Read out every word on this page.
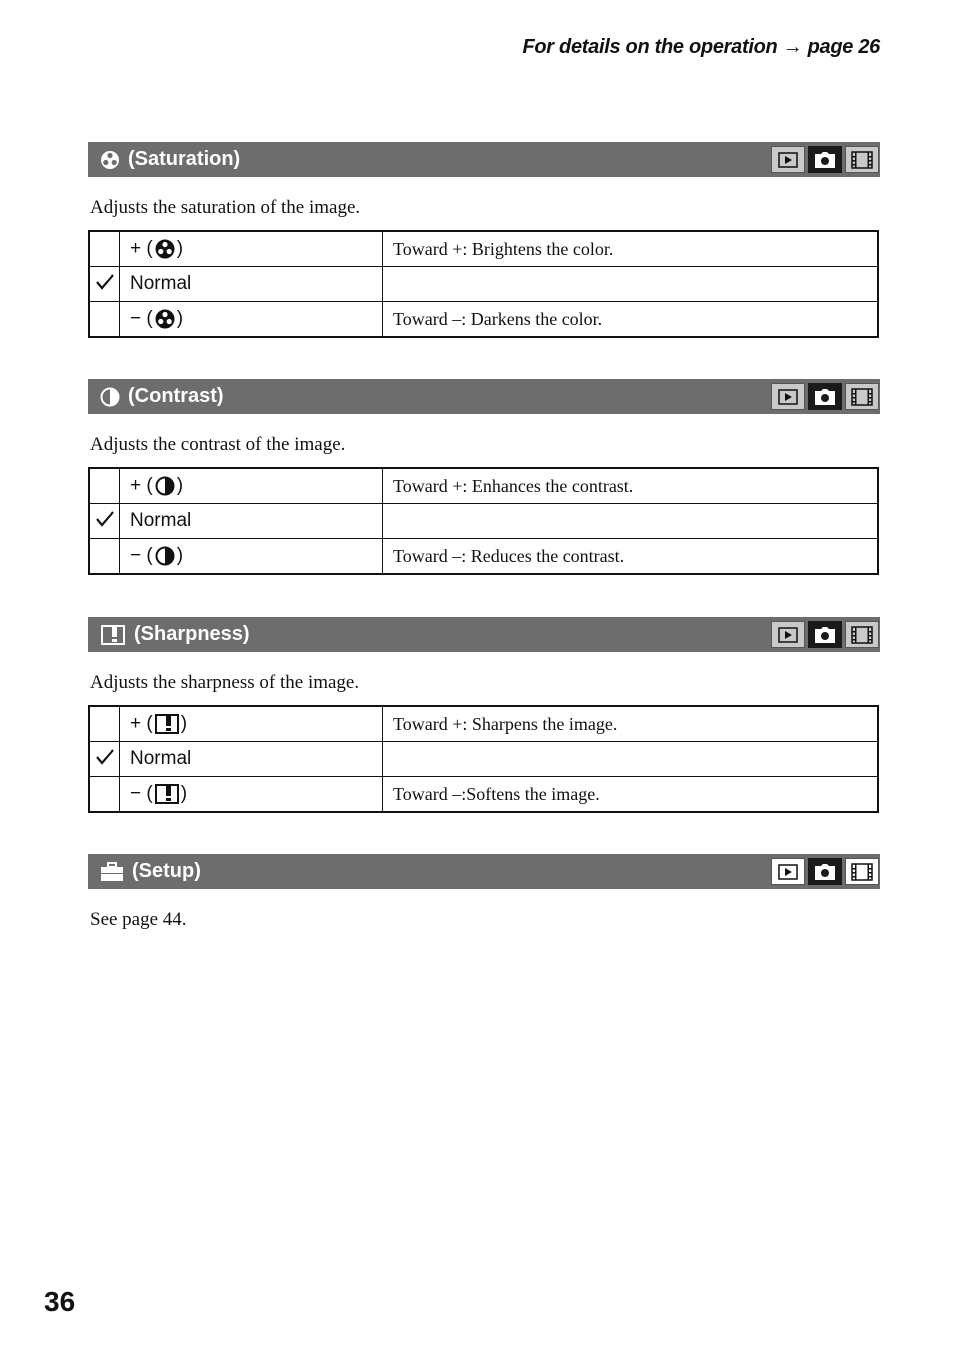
For details on the operation → page 26
(Saturation)
Adjusts the saturation of the image.

	+ ( )	Toward +: Brightens the color.
	Normal	

	− ( )	Toward –: Darkens the color.
(Contrast)
Adjusts the contrast of the image.

	+ ( )	Toward +: Enhances the contrast.
	Normal	

	− ( )	Toward –: Reduces the contrast.
(Sharpness)
Adjusts the sharpness of the image.

	+ ( )	Toward +: Sharpens the image.
	Normal	

	− ( )	Toward –:Softens the image.
(Setup)
See page 44.
36
